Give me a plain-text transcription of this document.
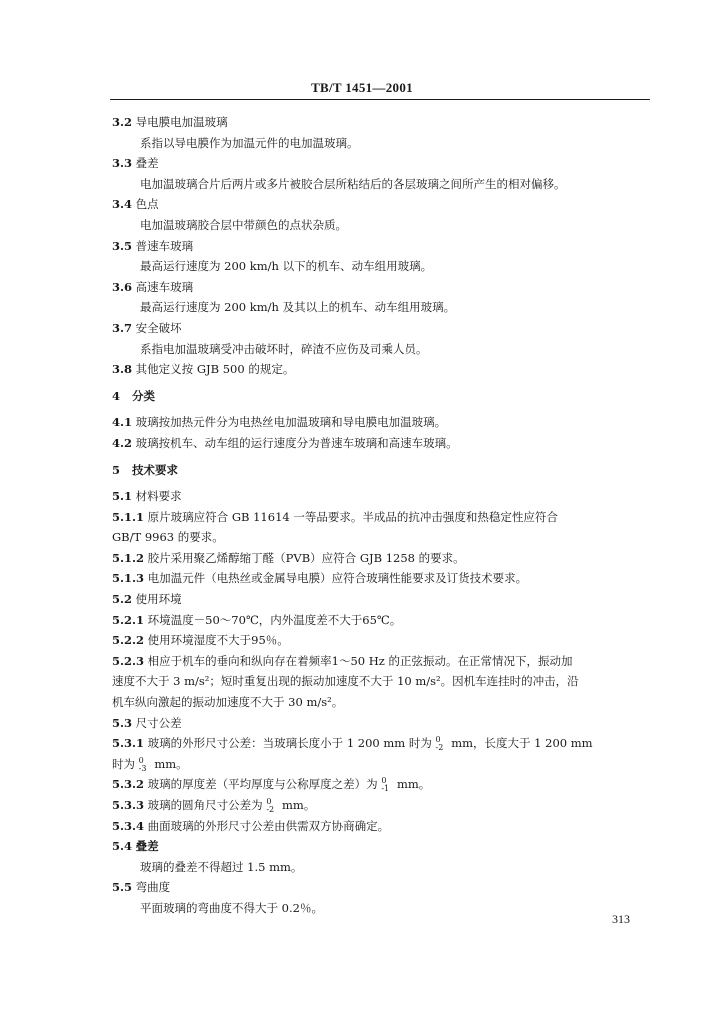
TB/T 1451—2001
3.2 导电膜电加温玻璃
系指以导电膜作为加温元件的电加温玻璃。
3.3 叠差
电加温玻璃合片后两片或多片被胶合层所粘结后的各层玻璃之间所产生的相对偏移。
3.4 色点
电加温玻璃胶合层中带颜色的点状杂质。
3.5 普速车玻璃
最高运行速度为 200 km/h 以下的机车、动车组用玻璃。
3.6 高速车玻璃
最高运行速度为 200 km/h 及其以上的机车、动车组用玻璃。
3.7 安全破坏
系指电加温玻璃受冲击破坏时，碎渣不应伤及司乘人员。
3.8 其他定义按 GJB 500 的规定。
4 分类
4.1 玻璃按加热元件分为电热丝电加温玻璃和导电膜电加温玻璃。
4.2 玻璃按机车、动车组的运行速度分为普速车玻璃和高速车玻璃。
5 技术要求
5.1 材料要求
5.1.1 原片玻璃应符合 GB 11614 一等品要求。半成品的抗冲击强度和热稳定性应符合
GB/T 9963 的要求。
5.1.2 胶片采用聚乙烯醇缩丁醛（PVB）应符合 GJB 1258 的要求。
5.1.3 电加温元件（电热丝或金属导电膜）应符合玻璃性能要求及订货技术要求。
5.2 使用环境
5.2.1 环境温度－50～70℃，内外温度差不大于65℃。
5.2.2 使用环境湿度不大于95％。
5.2.3 相应于机车的垂向和纵向存在着频率1～50 Hz 的正弦振动。在正常情况下，振动加
速度不大于 3 m/s²；短时重复出现的振动加速度不大于 10 m/s²。因机车连挂时的冲击，沿
机车纵向激起的振动加速度不大于 30 m/s²。
5.3 尺寸公差
5.3.1 玻璃的外形尺寸公差：当玻璃长度小于 1 200 mm 时为 0
-2 mm，长度大于 1 200 mm
时为 0
-3 mm。
5.3.2 玻璃的厚度差（平均厚度与公称厚度之差）为 0
-1 mm。
5.3.3 玻璃的圆角尺寸公差为 0
-2 mm。
5.3.4 曲面玻璃的外形尺寸公差由供需双方协商确定。
5.4 叠差
玻璃的叠差不得超过 1.5 mm。
5.5 弯曲度
平面玻璃的弯曲度不得大于 0.2％。
313
